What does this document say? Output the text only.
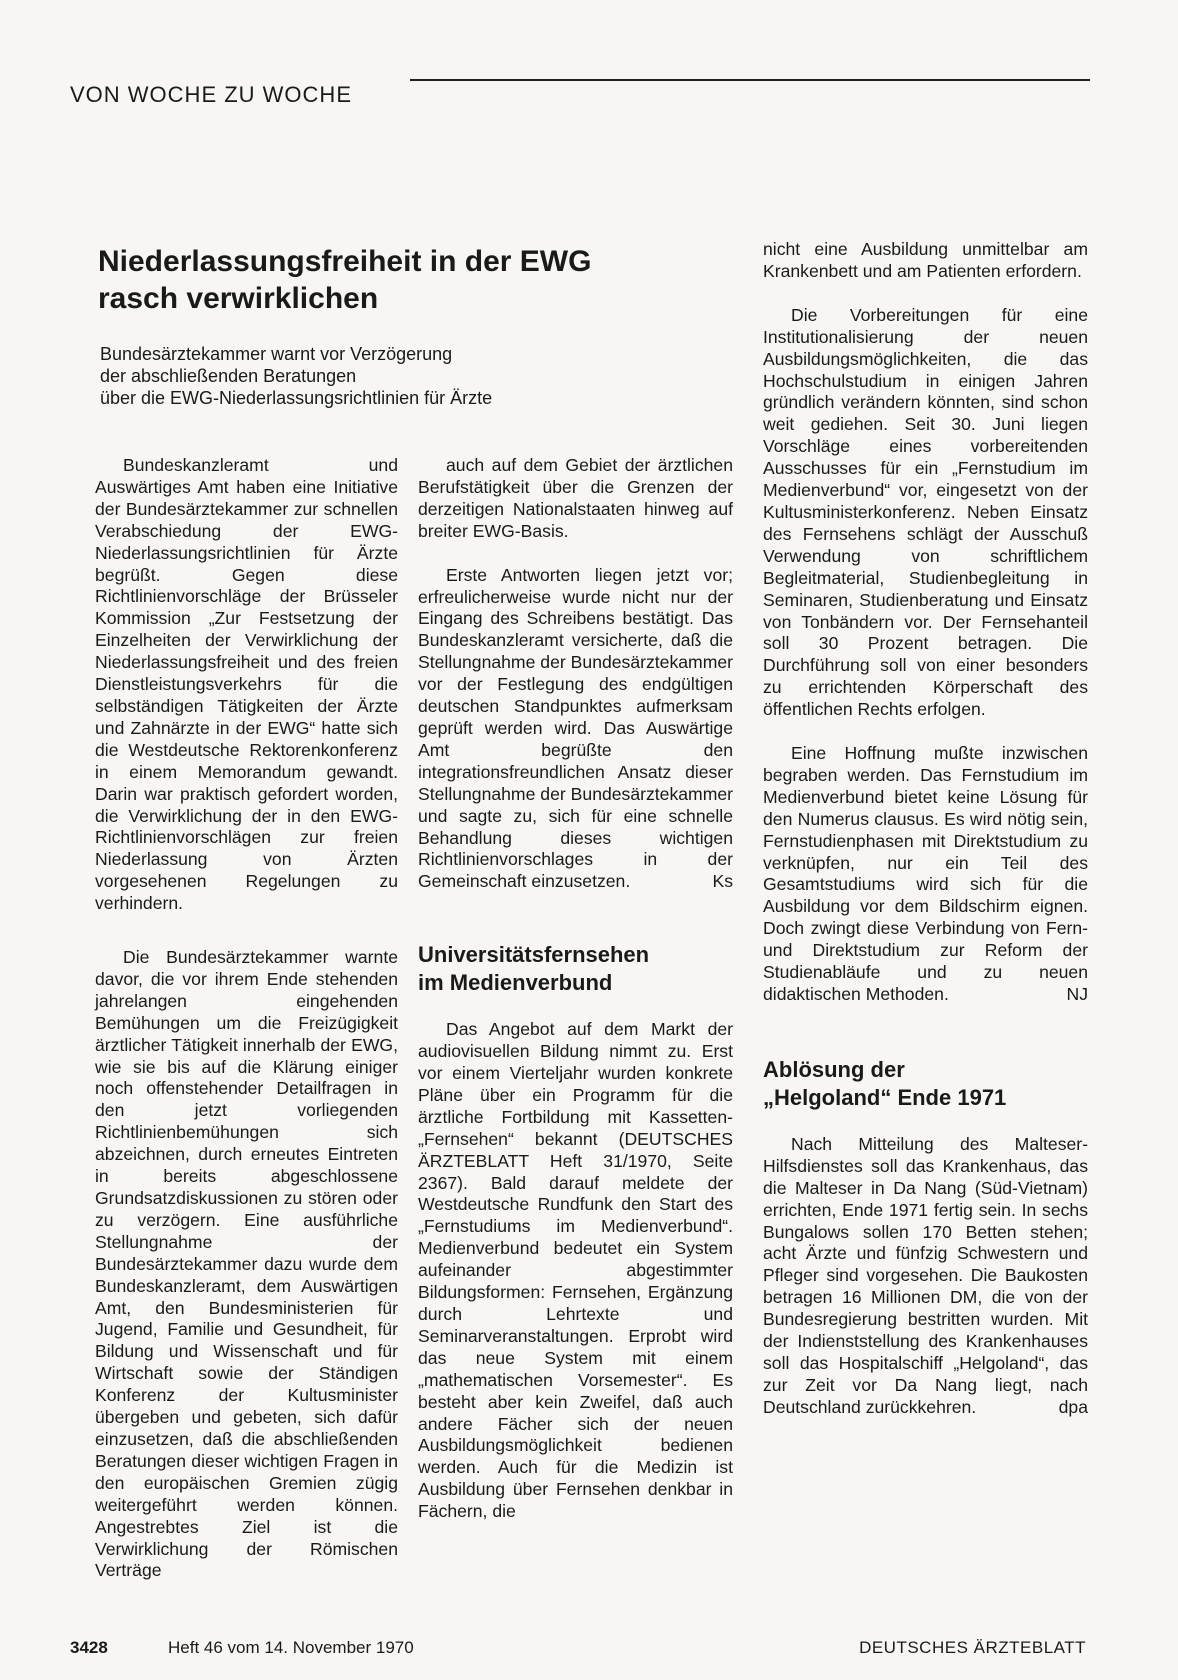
VON WOCHE ZU WOCHE
Niederlassungsfreiheit in der EWG
rasch verwirklichen
Bundesärztekammer warnt vor Verzögerung
der abschließenden Beratungen
über die EWG-Niederlassungsrichtlinien für Ärzte

Bundeskanzleramt und Auswärtiges Amt haben eine Initiative der Bundesärztekammer zur schnellen Verabschiedung der EWG-Niederlassungsrichtlinien für Ärzte begrüßt. Gegen diese Richtlinienvorschläge der Brüsseler Kommission „Zur Festsetzung der Einzelheiten der Verwirklichung der Niederlassungsfreiheit und des freien Dienstleistungsverkehrs für die selbständigen Tätigkeiten der Ärzte und Zahnärzte in der EWG“ hatte sich die Westdeutsche Rektorenkonferenz in einem Memorandum gewandt. Darin war praktisch gefordert worden, die Verwirklichung der in den EWG-Richtlinienvorschlägen zur freien Niederlassung von Ärzten vorgesehenen Regelungen zu verhindern.

Die Bundesärztekammer warnte davor, die vor ihrem Ende stehenden jahrelangen eingehenden Bemühungen um die Freizügigkeit ärztlicher Tätigkeit innerhalb der EWG, wie sie bis auf die Klärung einiger noch offenstehender Detailfragen in den jetzt vorliegenden Richtlinienbemühungen sich abzeichnen, durch erneutes Eintreten in bereits abgeschlossene Grundsatzdiskussionen zu stören oder zu verzögern. Eine ausführliche Stellungnahme der Bundesärztekammer dazu wurde dem Bundeskanzleramt, dem Auswärtigen Amt, den Bundesministerien für Jugend, Familie und Gesundheit, für Bildung und Wissenschaft und für Wirtschaft sowie der Ständigen Konferenz der Kultusminister übergeben und gebeten, sich dafür einzusetzen, daß die abschließenden Beratungen dieser wichtigen Fragen in den europäischen Gremien zügig weitergeführt werden können. Angestrebtes Ziel ist die Verwirklichung der Römischen Verträge

auch auf dem Gebiet der ärztlichen Berufstätigkeit über die Grenzen der derzeitigen Nationalstaaten hinweg auf breiter EWG-Basis.

Erste Antworten liegen jetzt vor; erfreulicherweise wurde nicht nur der Eingang des Schreibens bestätigt. Das Bundeskanzleramt versicherte, daß die Stellungnahme der Bundesärztekammer vor der Festlegung des endgültigen deutschen Standpunktes aufmerksam geprüft werden wird. Das Auswärtige Amt begrüßte den integrationsfreundlichen Ansatz dieser Stellungnahme der Bundesärztekammer und sagte zu, sich für eine schnelle Behandlung dieses wichtigen Richtlinienvorschlages in der Gemeinschaft einzusetzen.	Ks

Universitätsfernsehen
im Medienverbund

Das Angebot auf dem Markt der audiovisuellen Bildung nimmt zu. Erst vor einem Vierteljahr wurden konkrete Pläne über ein Programm für die ärztliche Fortbildung mit Kassetten-„Fernsehen“ bekannt (DEUTSCHES ÄRZTEBLATT Heft 31/1970, Seite 2367). Bald darauf meldete der Westdeutsche Rundfunk den Start des „Fernstudiums im Medienverbund“. Medienverbund bedeutet ein System aufeinander abgestimmter Bildungsformen: Fernsehen, Ergänzung durch Lehrtexte und Seminarveranstaltungen. Erprobt wird das neue System mit einem „mathematischen Vorsemester“. Es besteht aber kein Zweifel, daß auch andere Fächer sich der neuen Ausbildungsmöglichkeit bedienen werden. Auch für die Medizin ist Ausbildung über Fernsehen denkbar in Fächern, die

nicht eine Ausbildung unmittelbar am Krankenbett und am Patienten erfordern.

Die Vorbereitungen für eine Institutionalisierung der neuen Ausbildungsmöglichkeiten, die das Hochschulstudium in einigen Jahren gründlich verändern könnten, sind schon weit gediehen. Seit 30. Juni liegen Vorschläge eines vorbereitenden Ausschusses für ein „Fernstudium im Medienverbund“ vor, eingesetzt von der Kultusministerkonferenz. Neben Einsatz des Fernsehens schlägt der Ausschuß Verwendung von schriftlichem Begleitmaterial, Studienbegleitung in Seminaren, Studienberatung und Einsatz von Tonbändern vor. Der Fernsehanteil soll 30 Prozent betragen. Die Durchführung soll von einer besonders zu errichtenden Körperschaft des öffentlichen Rechts erfolgen.

Eine Hoffnung mußte inzwischen begraben werden. Das Fernstudium im Medienverbund bietet keine Lösung für den Numerus clausus. Es wird nötig sein, Fernstudienphasen mit Direktstudium zu verknüpfen, nur ein Teil des Gesamtstudiums wird sich für die Ausbildung vor dem Bildschirm eignen. Doch zwingt diese Verbindung von Fern- und Direktstudium zur Reform der Studienabläufe und zu neuen didaktischen Methoden.	NJ

Ablösung der
„Helgoland“ Ende 1971

Nach Mitteilung des Malteser-Hilfsdienstes soll das Krankenhaus, das die Malteser in Da Nang (Süd-Vietnam) errichten, Ende 1971 fertig sein. In sechs Bungalows sollen 170 Betten stehen; acht Ärzte und fünfzig Schwestern und Pfleger sind vorgesehen. Die Baukosten betragen 16 Millionen DM, die von der Bundesregierung bestritten wurden. Mit der Indienststellung des Krankenhauses soll das Hospitalschiff „Helgoland“, das zur Zeit vor Da Nang liegt, nach Deutschland zurückkehren.	dpa

3428	Heft 46 vom 14. November 1970	DEUTSCHES ÄRZTEBLATT
